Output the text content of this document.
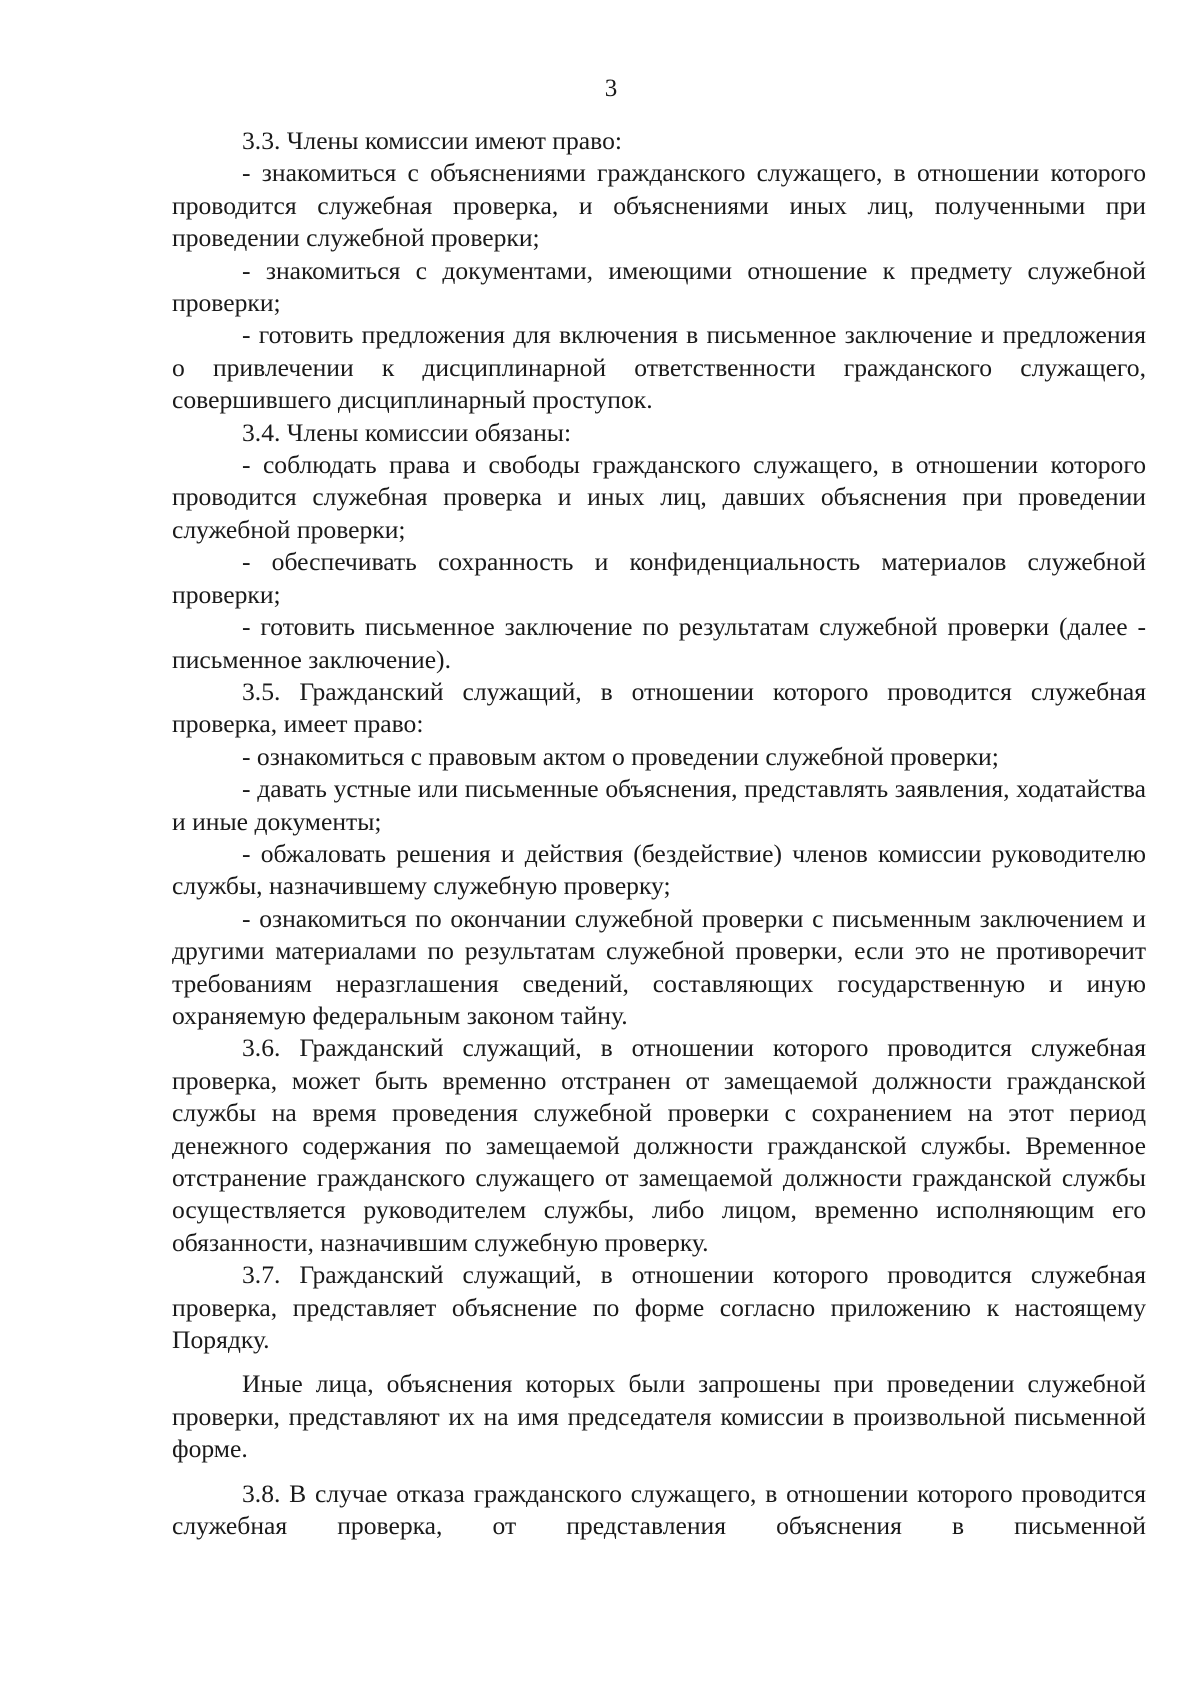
3

3.3. Члены комиссии имеют право:

- знакомиться с объяснениями гражданского служащего, в отношении которого проводится служебная проверка, и объяснениями иных лиц, полученными при проведении служебной проверки;

- знакомиться с документами, имеющими отношение к предмету служебной проверки;

- готовить предложения для включения в письменное заключение и предложения о привлечении к дисциплинарной ответственности гражданского служащего, совершившего дисциплинарный проступок.

3.4. Члены комиссии обязаны:

- соблюдать права и свободы гражданского служащего, в отношении которого проводится служебная проверка и иных лиц, давших объяснения при проведении служебной проверки;

- обеспечивать сохранность и конфиденциальность материалов служебной проверки;

- готовить письменное заключение по результатам служебной проверки (далее - письменное заключение).

3.5. Гражданский служащий, в отношении которого проводится служебная проверка, имеет право:

- ознакомиться с правовым актом о проведении служебной проверки;

- давать устные или письменные объяснения, представлять заявления, ходатайства и иные документы;

- обжаловать решения и действия (бездействие) членов комиссии руководителю службы, назначившему служебную проверку;

- ознакомиться по окончании служебной проверки с письменным заключением и другими материалами по результатам служебной проверки, если это не противоречит требованиям неразглашения сведений, составляющих государственную и иную охраняемую федеральным законом тайну.

3.6. Гражданский служащий, в отношении которого проводится служебная проверка, может быть временно отстранен от замещаемой должности гражданской службы на время проведения служебной проверки с сохранением на этот период денежного содержания по замещаемой должности гражданской службы. Временное отстранение гражданского служащего от замещаемой должности гражданской службы осуществляется руководителем службы, либо лицом, временно исполняющим его обязанности, назначившим служебную проверку.

3.7. Гражданский служащий, в отношении которого проводится служебная проверка, представляет объяснение по форме согласно приложению к настоящему Порядку.

Иные лица, объяснения которых были запрошены при проведении служебной проверки, представляют их на имя председателя комиссии в произвольной письменной форме.

3.8. В случае отказа гражданского служащего, в отношении которого проводится служебная проверка, от представления объяснения в письменной
